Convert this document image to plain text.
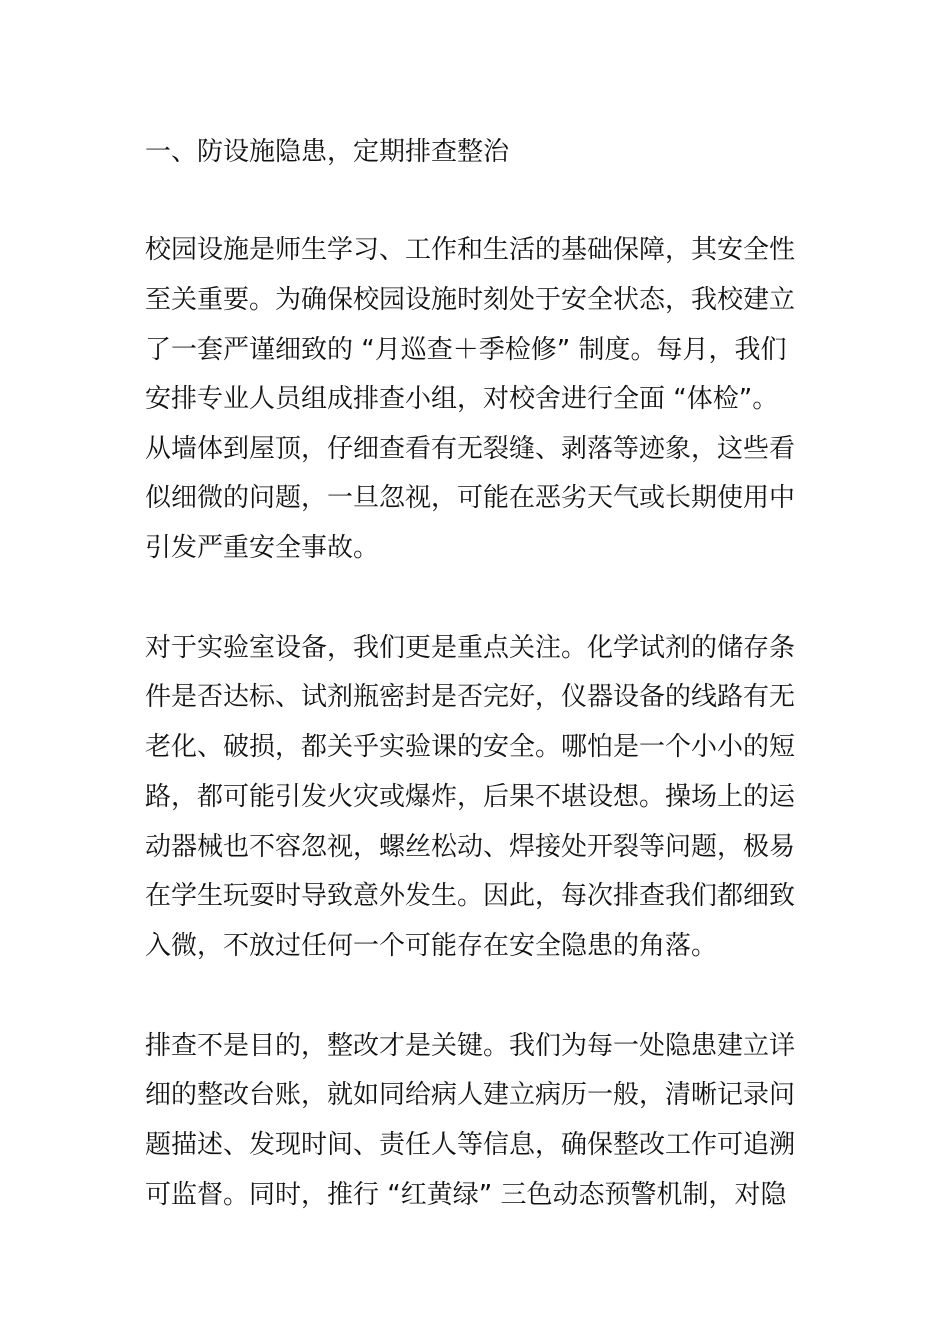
一、防设施隐患，定期排查整治

校园设施是师生学习、工作和生活的基础保障，其安全性

至关重要。为确保校园设施时刻处于安全状态，我校建立

了一套严谨细致的 “月巡查＋季检修” 制度。每月，我们

安排专业人员组成排查小组，对校舍进行全面 “体检”。

从墙体到屋顶，仔细查看有无裂缝、剥落等迹象，这些看

似细微的问题，一旦忽视，可能在恶劣天气或长期使用中

引发严重安全事故。

对于实验室设备，我们更是重点关注。化学试剂的储存条

件是否达标、试剂瓶密封是否完好，仪器设备的线路有无

老化、破损，都关乎实验课的安全。哪怕是一个小小的短

路，都可能引发火灾或爆炸，后果不堪设想。操场上的运

动器械也不容忽视，螺丝松动、焊接处开裂等问题，极易

在学生玩耍时导致意外发生。因此，每次排查我们都细致

入微，不放过任何一个可能存在安全隐患的角落。

排查不是目的，整改才是关键。我们为每一处隐患建立详

细的整改台账，就如同给病人建立病历一般，清晰记录问

题描述、发现时间、责任人等信息，确保整改工作可追溯

可监督。同时，推行 “红黄绿” 三色动态预警机制，对隐
